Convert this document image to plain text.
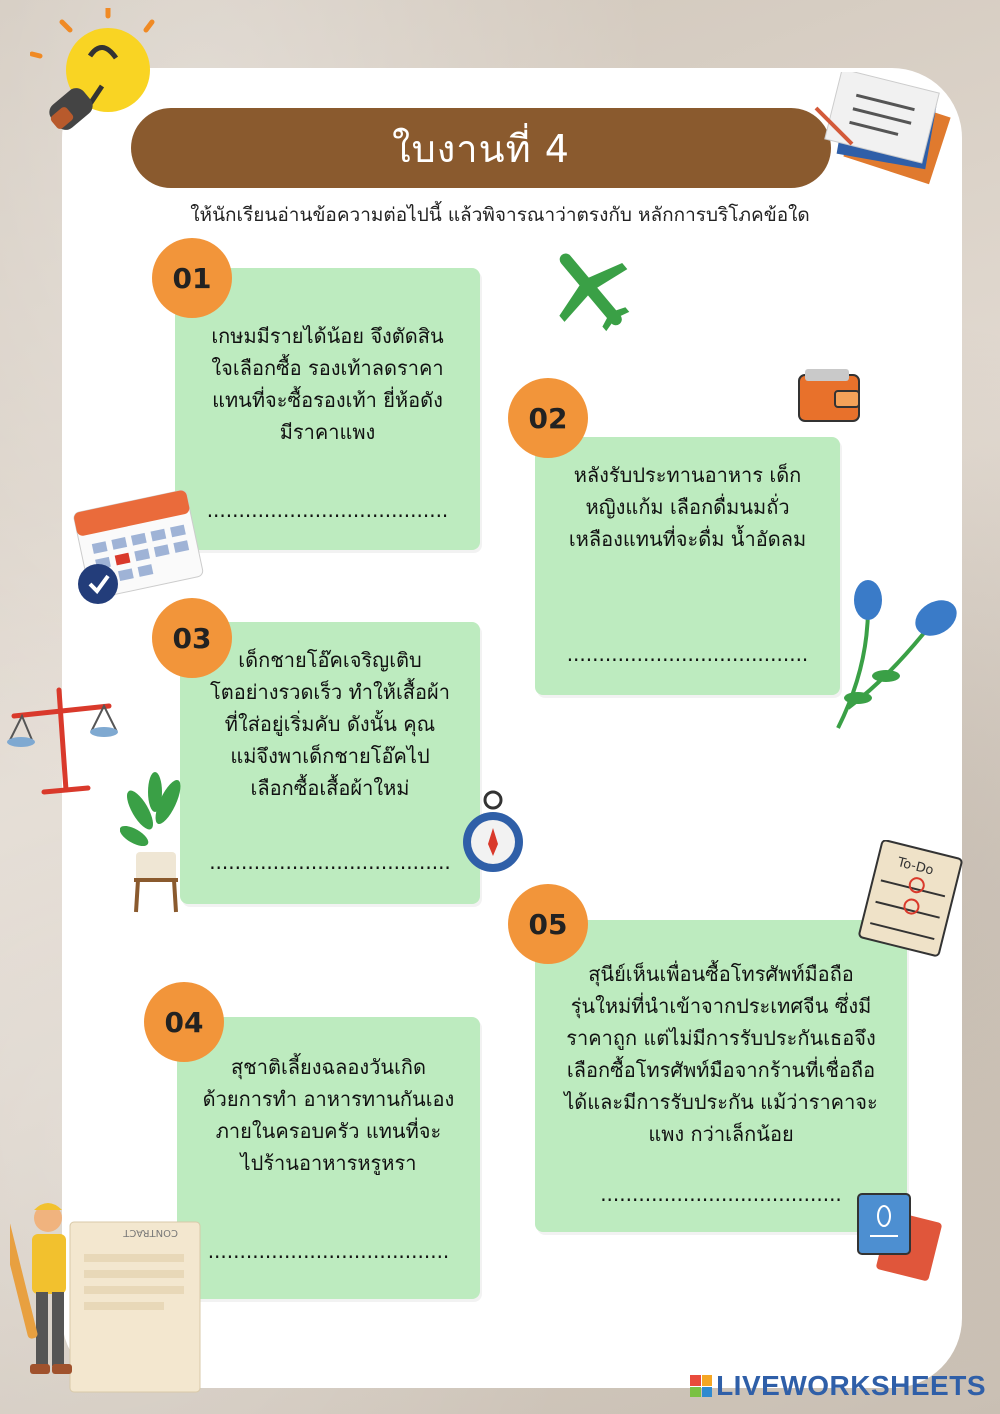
ใบงานที่ 4
ให้นักเรียนอ่านข้อความต่อไปนี้ แล้วพิจารณาว่าตรงกับ หลักการบริโภคข้อใด
เกษมมีรายได้น้อย จึงตัดสิน
ใจเลือกซื้อ รองเท้าลดราคา
แทนที่จะซื้อรองเท้า ยี่ห้อดัง
มีราคาแพง
......................................
01
หลังรับประทานอาหาร เด็ก
หญิงแก้ม เลือกดื่มนมถั่ว
เหลืองแทนที่จะดื่ม น้ำอัดลม
......................................
02
เด็กชายโอ๊คเจริญเติบ
โตอย่างรวดเร็ว ทำให้เสื้อผ้า
ที่ใส่อยู่เริ่มคับ ดังนั้น คุณ
แม่จึงพาเด็กชายโอ๊คไป
เลือกซื้อเสื้อผ้าใหม่
......................................
03
สุชาติเลี้ยงฉลองวันเกิด
ด้วยการทำ อาหารทานกันเอง
ภายในครอบครัว แทนที่จะ
ไปร้านอาหารหรูหรา
......................................
04
สุนีย์เห็นเพื่อนซื้อโทรศัพท์มือถือ
รุ่นใหม่ที่นำเข้าจากประเทศจีน ซึ่งมี
ราคาถูก แต่ไม่มีการรับประกันเธอจึง
เลือกซื้อโทรศัพท์มือจากร้านที่เชื่อถือ
ได้และมีการรับประกัน แม้ว่าราคาจะ
แพง กว่าเล็กน้อย
......................................
05
To-Do
CONTRACT
LIVEWORKSHEETS
